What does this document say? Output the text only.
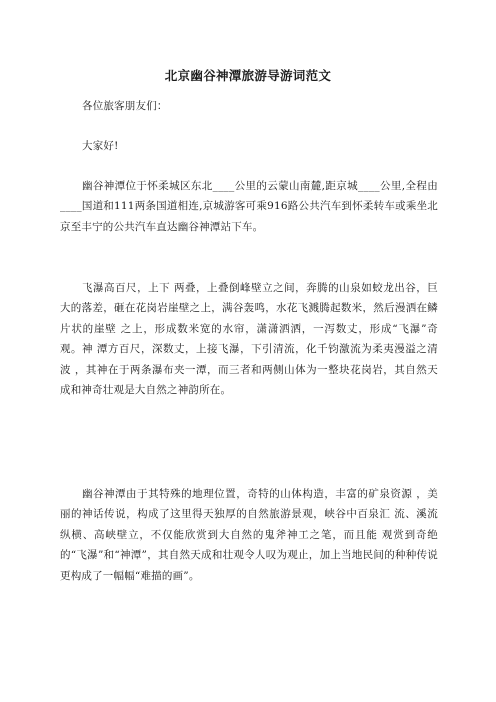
北京幽谷神潭旅游导游词范文

各位旅客朋友们：

大家好!

幽谷神潭位于怀柔城区东北____公里的云蒙山南麓,距京城____公里,全程由____国道和111两条国道相连,京城游客可乘916路公共汽车到怀柔转车或乘坐北京至丰宁的公共汽车直达幽谷神潭站下车。

飞瀑高百尺，上下 两叠，上叠倒峰壁立之间，奔腾的山泉如蛟龙出谷，巨大的落差，砸在花岗岩崖壁之上，满谷轰鸣，水花飞溅腾起数米，然后漫洒在鳞片状的崖壁 之上，形成数米宽的水帘，潇潇洒洒，一泻数丈，形成“飞瀑”奇观。神 潭方百尺，深数丈，上接飞瀑，下引清流，化千钧激流为柔夷漫溢之清波 ，其神在于两条瀑布夹一潭，而三者和两侧山体为一整块花岗岩，其自然天成和神奇壮观是大自然之神韵所在。

幽谷神潭由于其特殊的地理位置，奇特的山体构造，丰富的矿泉资源 ，美丽的神话传说，构成了这里得天独厚的自然旅游景观，峡谷中百泉汇 流、溪流纵横、高峡壁立，不仅能欣赏到大自然的鬼斧神工之笔，而且能 观赏到奇绝的“飞瀑”和“神潭”，其自然天成和壮观令人叹为观止，加上当地民间的种种传说更构成了一幅幅“难描的画”。
